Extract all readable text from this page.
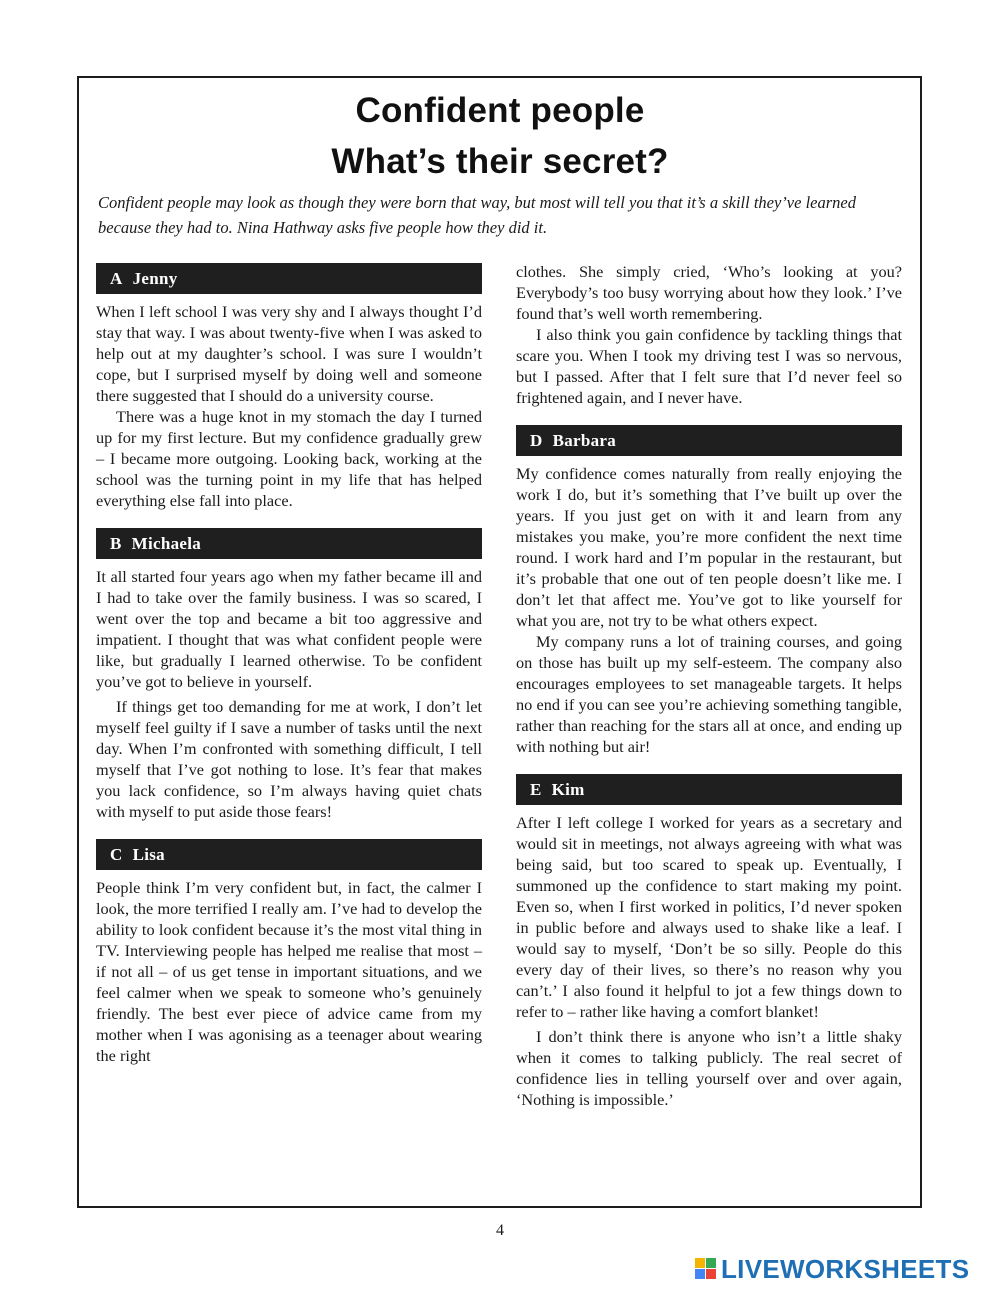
Confident people
What’s their secret?

Confident people may look as though they were born that way, but most will tell you that it’s a skill they’ve learned because they had to. Nina Hathway asks five people how they did it.

A Jenny

When I left school I was very shy and I always thought I’d stay that way. I was about twenty-five when I was asked to help out at my daughter’s school. I was sure I wouldn’t cope, but I surprised myself by doing well and someone there suggested that I should do a university course.

There was a huge knot in my stomach the day I turned up for my first lecture. But my confidence gradually grew – I became more outgoing. Looking back, working at the school was the turning point in my life that has helped everything else fall into place.

B Michaela

It all started four years ago when my father became ill and I had to take over the family business. I was so scared, I went over the top and became a bit too aggressive and impatient. I thought that was what confident people were like, but gradually I learned otherwise. To be confident you’ve got to believe in yourself.

If things get too demanding for me at work, I don’t let myself feel guilty if I save a number of tasks until the next day. When I’m confronted with something difficult, I tell myself that I’ve got nothing to lose. It’s fear that makes you lack confidence, so I’m always having quiet chats with myself to put aside those fears!

C Lisa

People think I’m very confident but, in fact, the calmer I look, the more terrified I really am. I’ve had to develop the ability to look confident because it’s the most vital thing in TV. Interviewing people has helped me realise that most – if not all – of us get tense in important situations, and we feel calmer when we speak to someone who’s genuinely friendly. The best ever piece of advice came from my mother when I was agonising as a teenager about wearing the right

clothes. She simply cried, ‘Who’s looking at you? Everybody’s too busy worrying about how they look.’ I’ve found that’s well worth remembering.

I also think you gain confidence by tackling things that scare you. When I took my driving test I was so nervous, but I passed. After that I felt sure that I’d never feel so frightened again, and I never have.

D Barbara

My confidence comes naturally from really enjoying the work I do, but it’s something that I’ve built up over the years. If you just get on with it and learn from any mistakes you make, you’re more confident the next time round. I work hard and I’m popular in the restaurant, but it’s probable that one out of ten people doesn’t like me. I don’t let that affect me. You’ve got to like yourself for what you are, not try to be what others expect.

My company runs a lot of training courses, and going on those has built up my self-esteem. The company also encourages employees to set manageable targets. It helps no end if you can see you’re achieving something tangible, rather than reaching for the stars all at once, and ending up with nothing but air!

E Kim

After I left college I worked for years as a secretary and would sit in meetings, not always agreeing with what was being said, but too scared to speak up. Eventually, I summoned up the confidence to start making my point. Even so, when I first worked in politics, I’d never spoken in public before and always used to shake like a leaf. I would say to myself, ‘Don’t be so silly. People do this every day of their lives, so there’s no reason why you can’t.’ I also found it helpful to jot a few things down to refer to – rather like having a comfort blanket!

I don’t think there is anyone who isn’t a little shaky when it comes to talking publicly. The real secret of confidence lies in telling yourself over and over again, ‘Nothing is impossible.’

4
LIVEWORKSHEETS
